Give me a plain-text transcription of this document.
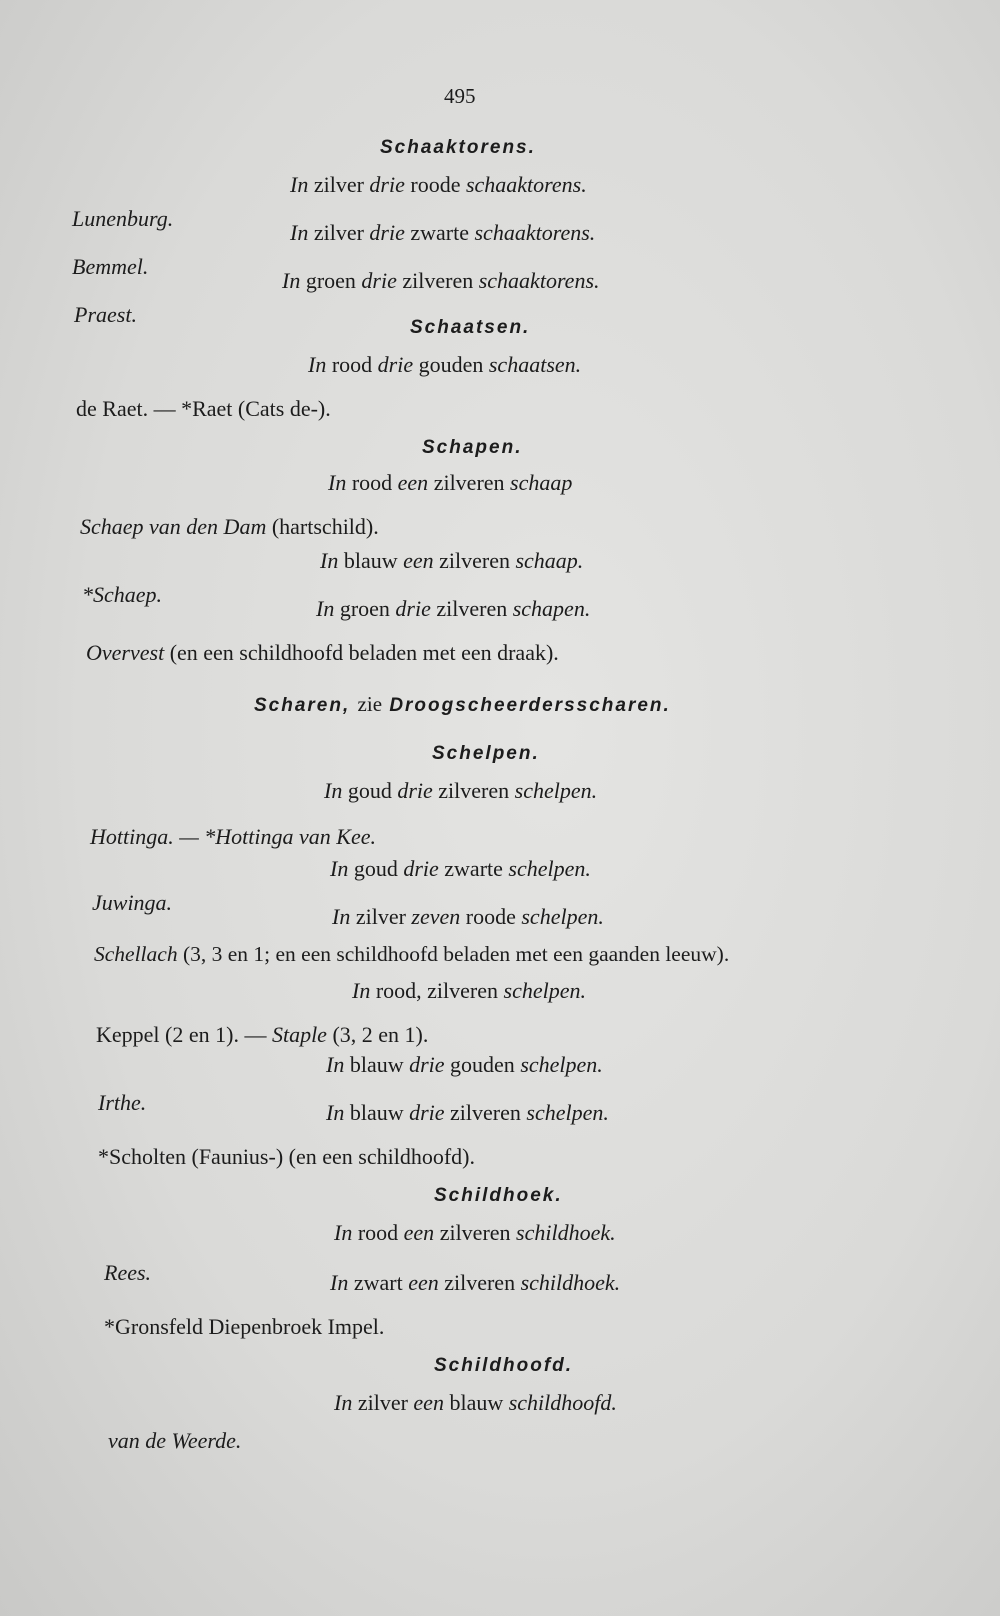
495
Schaaktorens.
In zilver drie roode schaaktorens.
Lunenburg.
In zilver drie zwarte schaaktorens.
Bemmel.
In groen drie zilveren schaaktorens.
Praest.
Schaatsen.
In rood drie gouden schaatsen.
de Raet. — *Raet (Cats de-).
Schapen.
In rood een zilveren schaap
Schaep van den Dam (hartschild).
In blauw een zilveren schaap.
*Schaep.
In groen drie zilveren schapen.
Overvest (en een schildhoofd beladen met een draak).
Scharen, zie Droogscheerdersscharen.
Schelpen.
In goud drie zilveren schelpen.
Hottinga. — *Hottinga van Kee.
In goud drie zwarte schelpen.
Juwinga.
In zilver zeven roode schelpen.
Schellach (3, 3 en 1; en een schildhoofd beladen met een gaanden leeuw).
In rood, zilveren schelpen.
Keppel (2 en 1). — Staple (3, 2 en 1).
In blauw drie gouden schelpen.
Irthe.	In blauw drie zilveren schelpen.
*Scholten (Faunius-) (en een schildhoofd).
Schildhoek.
In rood een zilveren schildhoek.
Rees.	In zwart een zilveren schildhoek.
*Gronsfeld Diepenbroek Impel.
Schildhoofd.
In zilver een blauw schildhoofd.
van de Weerde.
